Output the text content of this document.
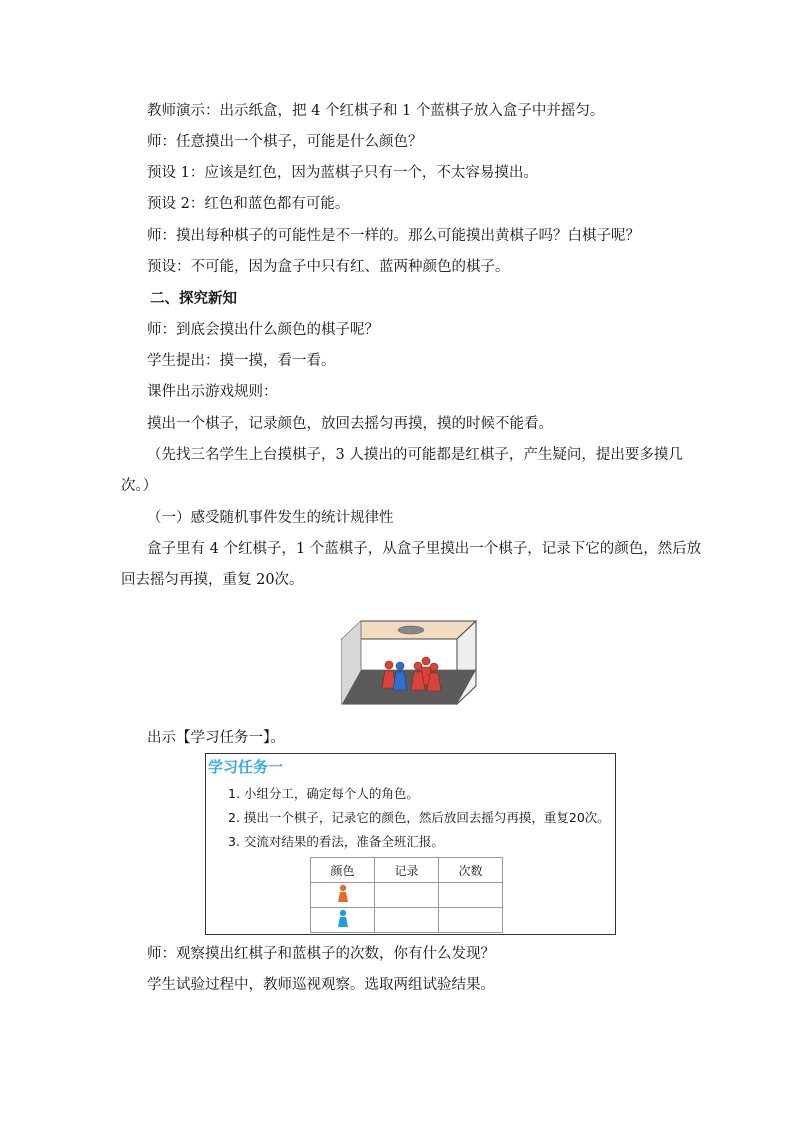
教师演示：出示纸盒，把 4 个红棋子和 1 个蓝棋子放入盒子中并摇匀。
师：任意摸出一个棋子，可能是什么颜色？
预设 1：应该是红色，因为蓝棋子只有一个，不太容易摸出。
预设 2：红色和蓝色都有可能。
师：摸出每种棋子的可能性是不一样的。那么可能摸出黄棋子吗？白棋子呢？
预设：不可能，因为盒子中只有红、蓝两种颜色的棋子。
二、探究新知
师：到底会摸出什么颜色的棋子呢？
学生提出：摸一摸，看一看。
课件出示游戏规则：
摸出一个棋子，记录颜色，放回去摇匀再摸，摸的时候不能看。
（先找三名学生上台摸棋子，3 人摸出的可能都是红棋子，产生疑问，提出要多摸几
次。）
（一）感受随机事件发生的统计规律性
盒子里有 4 个红棋子，1 个蓝棋子，从盒子里摸出一个棋子，记录下它的颜色，然后放
回去摇匀再摸，重复 20次。
出示【学习任务一】。
学习任务一
1. 小组分工，确定每个人的角色。
2. 摸出一个棋子，记录它的颜色，然后放回去摇匀再摸，重复20次。
3. 交流对结果的看法，准备全班汇报。
颜色	记录	次数

师：观察摸出红棋子和蓝棋子的次数，你有什么发现？
学生试验过程中，教师巡视观察。选取两组试验结果。
